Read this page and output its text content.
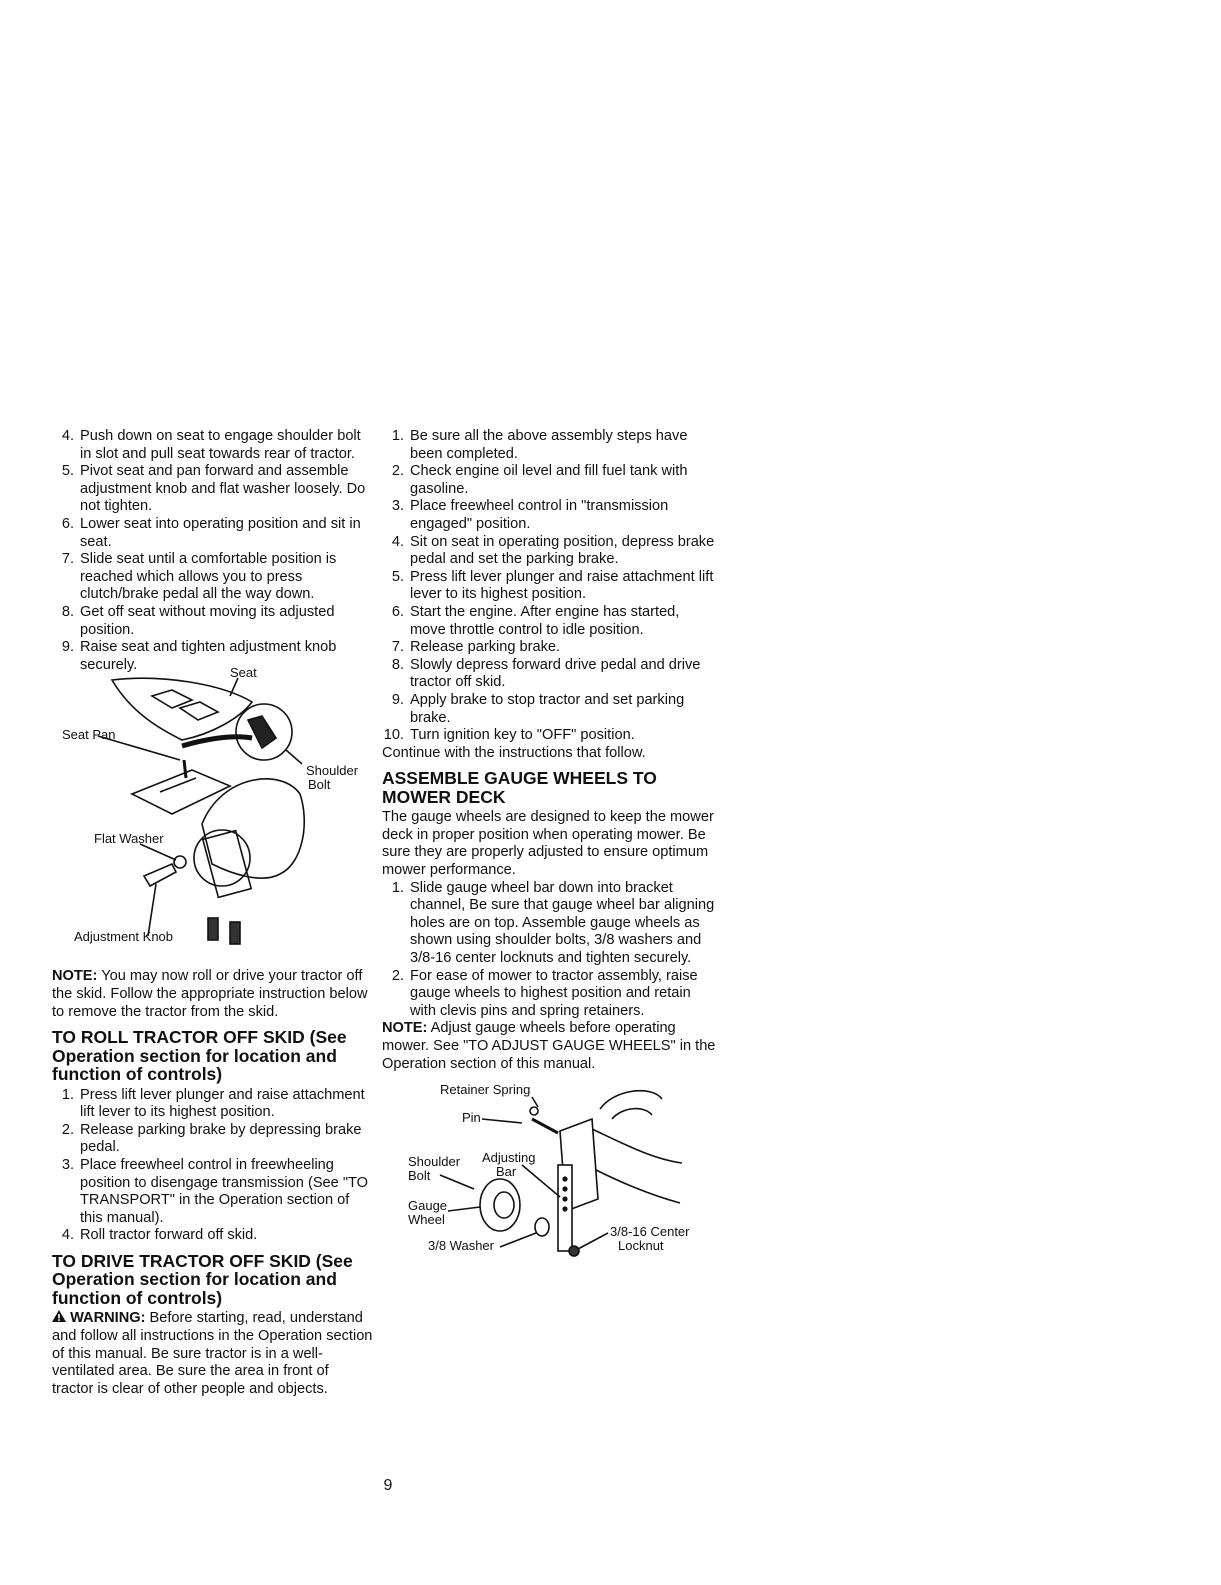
4. Push down on seat to engage shoulder bolt in slot and pull seat towards rear of tractor.
5. Pivot seat and pan forward and assemble adjustment knob and flat washer loosely. Do not tighten.
6. Lower seat into operating position and sit in seat.
7. Slide seat until a comfortable position is reached which allows you to press clutch/brake pedal all the way down.
8. Get off seat without moving its adjusted position.
9. Raise seat and tighten adjustment knob securely.
Seat
Seat Pan
Shoulder
Bolt
Flat Washer
Adjustment Knob

NOTE: You may now roll or drive your tractor off the skid. Follow the appropriate instruction below to remove the tractor from the skid.

TO ROLL TRACTOR OFF SKID (See Operation section for location and function of controls)
1. Press lift lever plunger and raise attachment lift lever to its highest position.
2. Release parking brake by depressing brake pedal.
3. Place freewheel control in freewheeling position to disengage transmission (See "TO TRANSPORT" in the Operation section of this manual).
4. Roll tractor forward off skid.
TO DRIVE TRACTOR OFF SKID (See Operation section for location and function of controls)

WARNING: Before starting, read, understand and follow all instructions in the Operation section of this manual. Be sure tractor is in a well-ventilated area. Be sure the area in front of tractor is clear of other people and objects.

1. Be sure all the above assembly steps have been completed.
2. Check engine oil level and fill fuel tank with gasoline.
3. Place freewheel control in "transmission engaged" position.
4. Sit on seat in operating position, depress brake pedal and set the parking brake.
5. Press lift lever plunger and raise attachment lift lever to its highest position.
6. Start the engine. After engine has started, move throttle control to idle position.
7. Release parking brake.
8. Slowly depress forward drive pedal and drive tractor off skid.
9. Apply brake to stop tractor and set parking brake.
10. Turn ignition key to "OFF" position.

Continue with the instructions that follow.

ASSEMBLE GAUGE WHEELS TO MOWER DECK

The gauge wheels are designed to keep the mower deck in proper position when operating mower. Be sure they are properly adjusted to ensure optimum mower performance.

1. Slide gauge wheel bar down into bracket channel, Be sure that gauge wheel bar aligning holes are on top. Assemble gauge wheels as shown using shoulder bolts, 3/8 washers and 3/8-16 center locknuts and tighten securely.
2. For ease of mower to tractor assembly, raise gauge wheels to highest position and retain with clevis pins and spring retainers.

NOTE: Adjust gauge wheels before operating mower. See "TO ADJUST GAUGE WHEELS" in the Operation section of this manual.

Retainer Spring
Pin
Shoulder
Bolt
Adjusting
Bar
Gauge
Wheel
3/8 Washer
3/8-16 Center
Locknut
9
